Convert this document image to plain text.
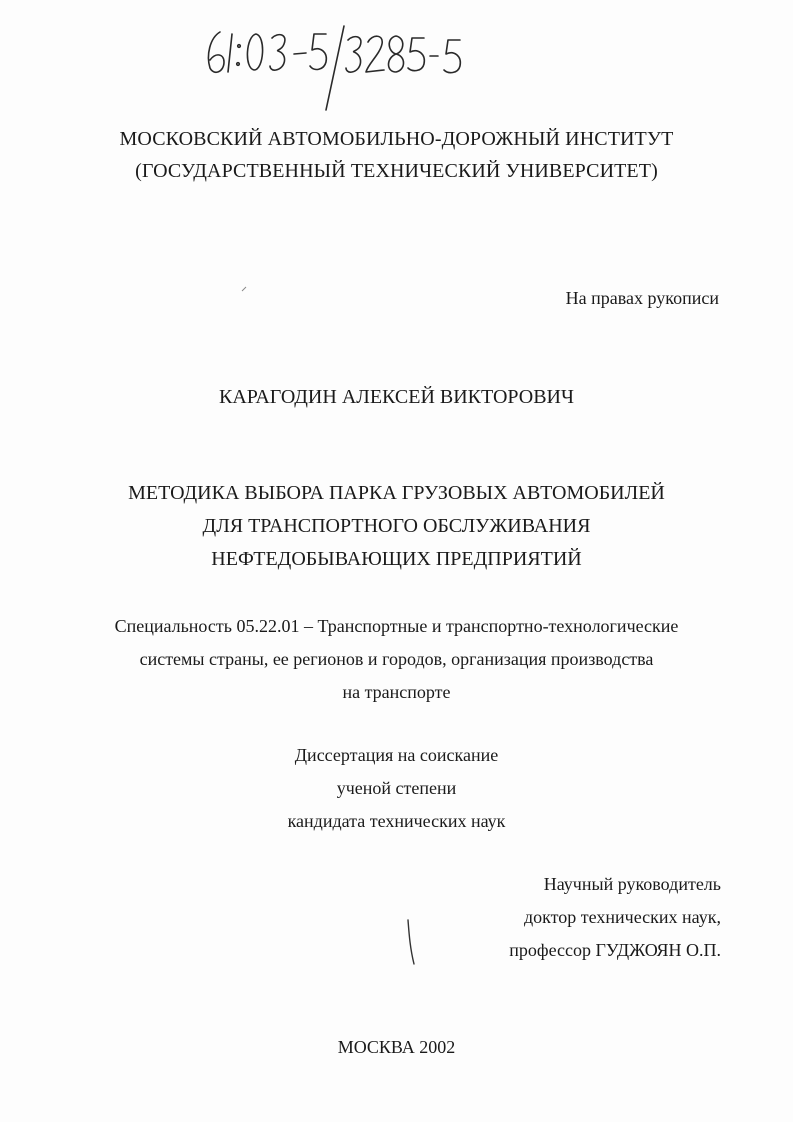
МОСКОВСКИЙ АВТОМОБИЛЬНО-ДОРОЖНЫЙ ИНСТИТУТ
(ГОСУДАРСТВЕННЫЙ ТЕХНИЧЕСКИЙ УНИВЕРСИТЕТ)
На правах рукописи
КАРАГОДИН АЛЕКСЕЙ ВИКТОРОВИЧ
МЕТОДИКА ВЫБОРА ПАРКА ГРУЗОВЫХ АВТОМОБИЛЕЙ
ДЛЯ ТРАНСПОРТНОГО ОБСЛУЖИВАНИЯ
НЕФТЕДОБЫВАЮЩИХ ПРЕДПРИЯТИЙ
Специальность 05.22.01 – Транспортные и транспортно-технологические
системы страны, ее регионов и городов, организация производства
на транспорте
Диссертация на соискание
ученой степени
кандидата технических наук
Научный руководитель
доктор технических наук,
профессор ГУДЖОЯН О.П.
МОСКВА 2002
